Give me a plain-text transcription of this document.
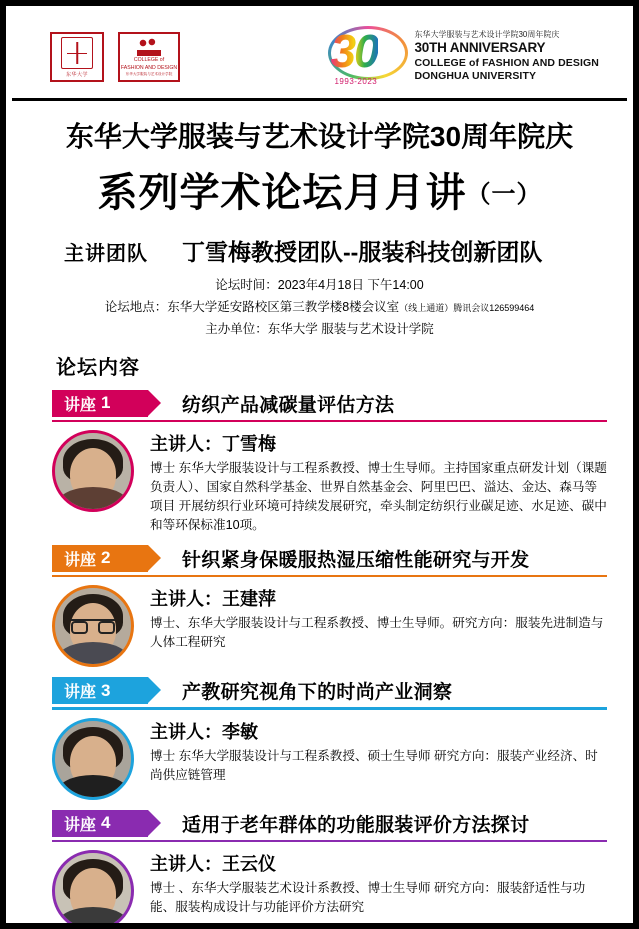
东华大学
COLLEGE of
FASHION AND DESIGN
东华大学服装与艺术设计学院	30
1993-2023
东华大学服装与艺术设计学院30周年院庆
30TH ANNIVERSARY
COLLEGE of FASHION AND DESIGN
DONGHUA UNIVERSITY
东华大学服装与艺术设计学院30周年院庆
系列学术论坛月月讲（一）
主讲团队 丁雪梅教授团队--服装科技创新团队
论坛时间：2023年4月18日 下午14:00
论坛地点：东华大学延安路校区第三教学楼8楼会议室（线上通道）腾讯会议126599464
主办单位：东华大学 服装与艺术设计学院
论坛内容
讲座 1	纺织产品减碳量评估方法
主讲人：丁雪梅
博士 东华大学服装设计与工程系教授、博士生导师。主持国家重点研发计划（课题负责人）、国家自然科学基金、世界自然基金会、阿里巴巴、溢达、金达、森马等项目 开展纺织行业环境可持续发展研究，牵头制定纺织行业碳足迹、水足迹、碳中和等环保标准10项。
讲座 2	针织紧身保暖服热湿压缩性能研究与开发
主讲人：王建萍
博士、东华大学服装设计与工程系教授、博士生导师。研究方向：服装先进制造与人体工程研究
讲座 3	产教研究视角下的时尚产业洞察
主讲人：李敏
博士 东华大学服装设计与工程系教授、硕士生导师 研究方向：服装产业经济、时尚供应链管理
讲座 4	适用于老年群体的功能服装评价方法探讨
主讲人：王云仪
博士 、东华大学服装艺术设计系教授、博士生导师 研究方向：服装舒适性与功能、服装构成设计与功能评价方法研究
